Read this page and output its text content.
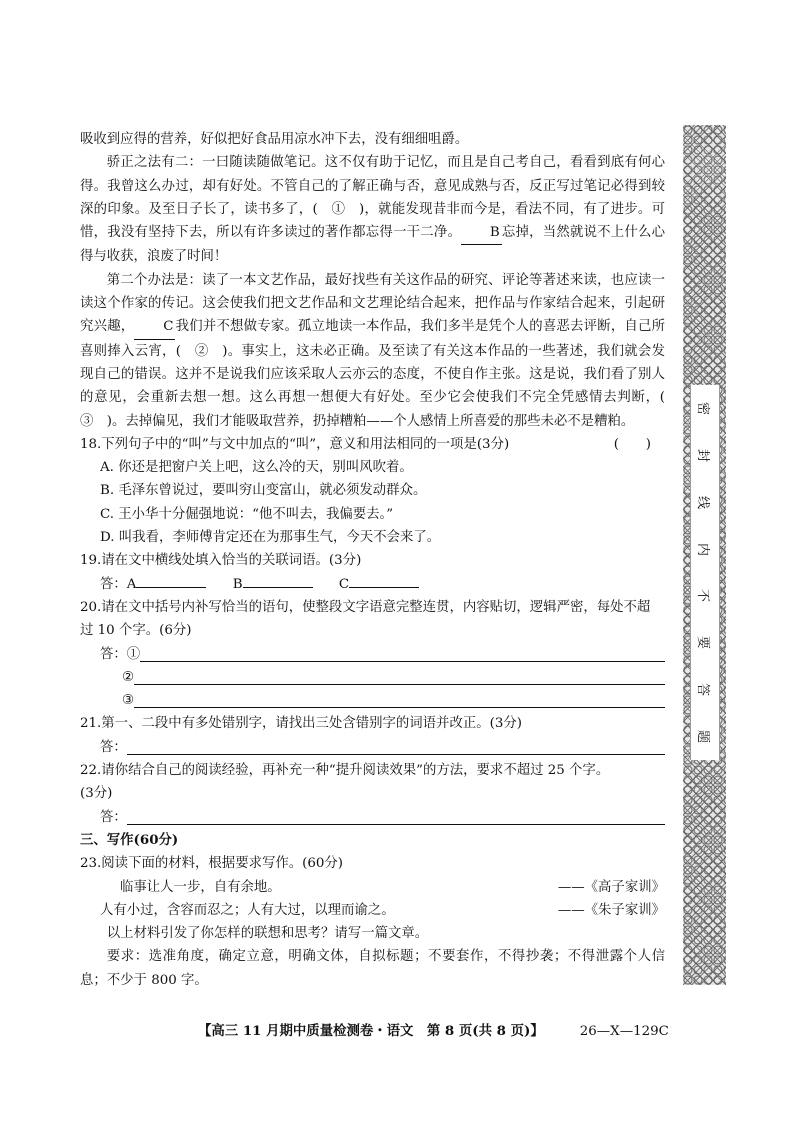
吸收到应得的营养，好似把好食品用凉水冲下去，没有细细咀爵。

骄正之法有二：一曰随读随做笔记。这不仅有助于记忆，而且是自己考自己，看看到底有何心得。我曾这么办过，却有好处。不管自己的了解正确与否，意见成熟与否，反正写过笔记必得到较深的印象。及至日子长了，读书多了，(　①　)，就能发现昔非而今是，看法不同，有了进步。可惜，我没有坚持下去，所以有许多读过的著作都忘得一干二净。 B 忘掉，当然就说不上什么心得与收获，浪废了时间！

第二个办法是：读了一本文艺作品，最好找些有关这作品的研究、评论等著述来读，也应读一读这个作家的传记。这会使我们把文艺作品和文艺理论结合起来，把作品与作家结合起来，引起研究兴趣， C 我们并不想做专家。孤立地读一本作品，我们多半是凭个人的喜恶去评断，自己所喜则捧入云宵，(　②　)。事实上，这未必正确。及至读了有关这本作品的一些著述，我们就会发现自己的错误。这并不是说我们应该采取人云亦云的态度，不使自作主张。这是说，我们看了别人的意见，会重新去想一想。这么再想一想便大有好处。至少它会使我们不完全凭感情去判断，(　③　)。去掉偏见，我们才能吸取营养，扔掉糟粕——个人感情上所喜爱的那些未必不是糟粕。

18.下列句子中的“叫”与文中加点的“叫”，意义和用法相同的一项是(3分)	(　　)

A. 你还是把窗户关上吧，这么冷的天，别叫风吹着。

B. 毛泽东曾说过，要叫穷山变富山，就必须发动群众。

C. 王小华十分倔强地说：“他不叫去，我偏要去。”

D. 叫我看，李师傅肯定还在为那事生气，今天不会来了。

19.请在文中横线处填入恰当的关联词语。(3分)

答：A	B	C

20.请在文中括号内补写恰当的语句，使整段文字语意完整连贯，内容贴切，逻辑严密，每处不超

过 10 个字。(6分)

答：①
②
③

21.第一、二段中有多处错别字，请找出三处含错别字的词语并改正。(3分)

答：

22.请你结合自己的阅读经验，再补充一种“提升阅读效果”的方法，要求不超过 25 个字。

(3分)

答：

三、写作(60分)

23.阅读下面的材料，根据要求写作。(60分)

临事让人一步，自有余地。	——《高子家训》

人有小过，含容而忍之；人有大过，以理而谕之。	——《朱子家训》

以上材料引发了你怎样的联想和思考？请写一篇文章。

要求：选准角度，确定立意，明确文体，自拟标题；不要套作，不得抄袭；不得泄露个人信息；不少于 800 字。

【高三 11 月期中质量检测卷・语文　第 8 页(共 8 页)】	26—X—129C
密
封
线
内
不
要
答
题
